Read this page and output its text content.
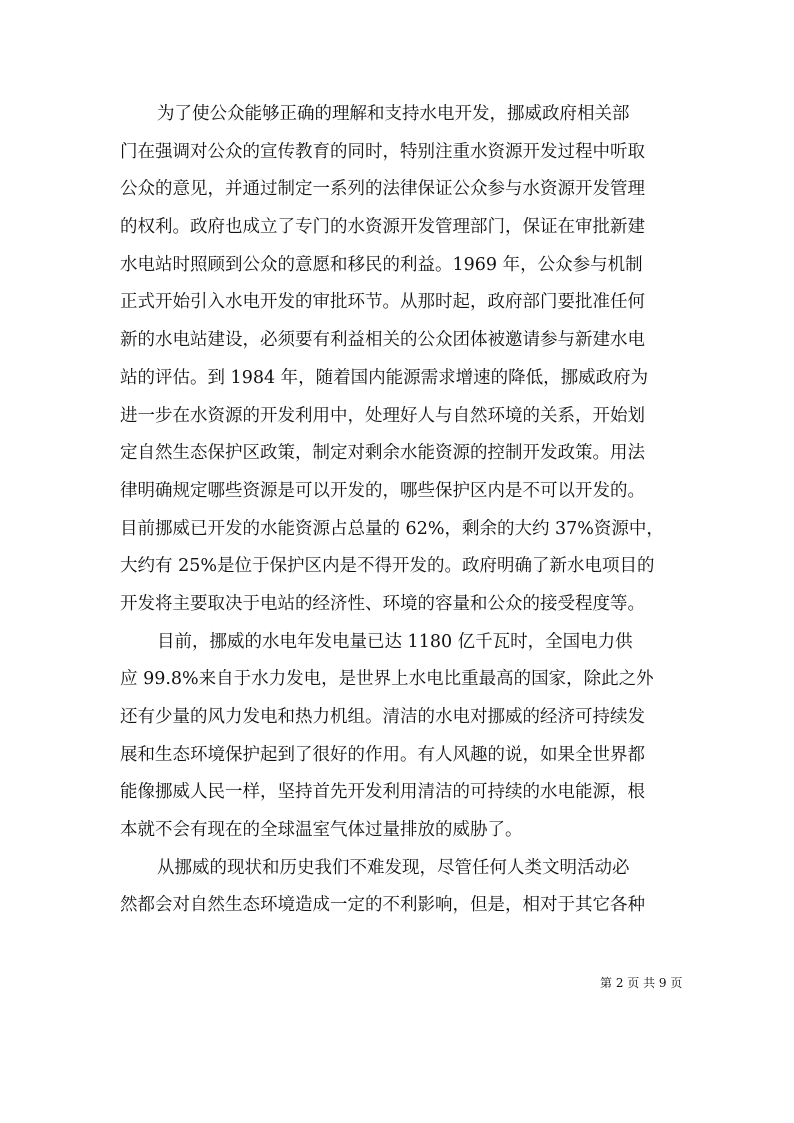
为了使公众能够正确的理解和支持水电开发，挪威政府相关部
门在强调对公众的宣传教育的同时，特别注重水资源开发过程中听取
公众的意见，并通过制定一系列的法律保证公众参与水资源开发管理
的权利。政府也成立了专门的水资源开发管理部门，保证在审批新建
水电站时照顾到公众的意愿和移民的利益。1969 年，公众参与机制
正式开始引入水电开发的审批环节。从那时起，政府部门要批准任何
新的水电站建设，必须要有利益相关的公众团体被邀请参与新建水电
站的评估。到 1984 年，随着国内能源需求增速的降低，挪威政府为
进一步在水资源的开发利用中，处理好人与自然环境的关系，开始划
定自然生态保护区政策，制定对剩余水能资源的控制开发政策。用法
律明确规定哪些资源是可以开发的，哪些保护区内是不可以开发的。
目前挪威已开发的水能资源占总量的 62%，剩余的大约 37%资源中，
大约有 25%是位于保护区内是不得开发的。政府明确了新水电项目的
开发将主要取决于电站的经济性、环境的容量和公众的接受程度等。
目前，挪威的水电年发电量已达 1180 亿千瓦时，全国电力供
应 99.8%来自于水力发电，是世界上水电比重最高的国家，除此之外
还有少量的风力发电和热力机组。清洁的水电对挪威的经济可持续发
展和生态环境保护起到了很好的作用。有人风趣的说，如果全世界都
能像挪威人民一样，坚持首先开发利用清洁的可持续的水电能源，根
本就不会有现在的全球温室气体过量排放的威胁了。
从挪威的现状和历史我们不难发现，尽管任何人类文明活动必
然都会对自然生态环境造成一定的不利影响，但是，相对于其它各种
第 2 页 共 9 页
